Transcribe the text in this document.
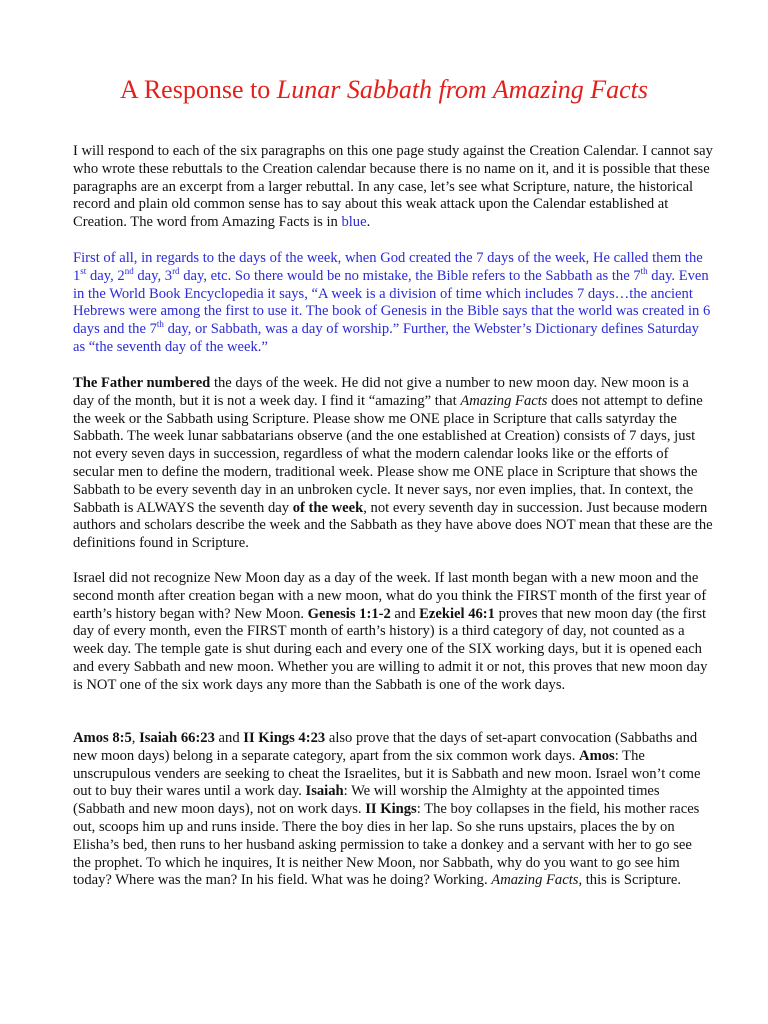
A Response to Lunar Sabbath from Amazing Facts

I will respond to each of the six paragraphs on this one page study against the Creation Calendar. I cannot say who wrote these rebuttals to the Creation calendar because there is no name on it, and it is possible that these paragraphs are an excerpt from a larger rebuttal. In any case, let’s see what Scripture, nature, the historical record and plain old common sense has to say about this weak attack upon the Calendar established at Creation. The word from Amazing Facts is in blue.

First of all, in regards to the days of the week, when God created the 7 days of the week, He called them the 1st day, 2nd day, 3rd day, etc. So there would be no mistake, the Bible refers to the Sabbath as the 7th day. Even in the World Book Encyclopedia it says, “A week is a division of time which includes 7 days…the ancient Hebrews were among the first to use it. The book of Genesis in the Bible says that the world was created in 6 days and the 7th day, or Sabbath, was a day of worship.” Further, the Webster’s Dictionary defines Saturday as “the seventh day of the week.”

The Father numbered the days of the week. He did not give a number to new moon day. New moon is a day of the month, but it is not a week day. I find it “amazing” that Amazing Facts does not attempt to define the week or the Sabbath using Scripture. Please show me ONE place in Scripture that calls satyrday the Sabbath. The week lunar sabbatarians observe (and the one established at Creation) consists of 7 days, just not every seven days in succession, regardless of what the modern calendar looks like or the efforts of secular men to define the modern, traditional week. Please show me ONE place in Scripture that shows the Sabbath to be every seventh day in an unbroken cycle. It never says, nor even implies, that. In context, the Sabbath is ALWAYS the seventh day of the week, not every seventh day in succession. Just because modern authors and scholars describe the week and the Sabbath as they have above does NOT mean that these are the definitions found in Scripture.

Israel did not recognize New Moon day as a day of the week. If last month began with a new moon and the second month after creation began with a new moon, what do you think the FIRST month of the first year of earth’s history began with? New Moon. Genesis 1:1-2 and Ezekiel 46:1 proves that new moon day (the first day of every month, even the FIRST month of earth’s history) is a third category of day, not counted as a week day. The temple gate is shut during each and every one of the SIX working days, but it is opened each and every Sabbath and new moon. Whether you are willing to admit it or not, this proves that new moon day is NOT one of the six work days any more than the Sabbath is one of the work days.

Amos 8:5, Isaiah 66:23 and II Kings 4:23 also prove that the days of set-apart convocation (Sabbaths and new moon days) belong in a separate category, apart from the six common work days. Amos: The unscrupulous venders are seeking to cheat the Israelites, but it is Sabbath and new moon. Israel won’t come out to buy their wares until a work day. Isaiah: We will worship the Almighty at the appointed times (Sabbath and new moon days), not on work days. II Kings: The boy collapses in the field, his mother races out, scoops him up and runs inside. There the boy dies in her lap. So she runs upstairs, places the by on Elisha’s bed, then runs to her husband asking permission to take a donkey and a servant with her to go see the prophet. To which he inquires, It is neither New Moon, nor Sabbath, why do you want to go see him today? Where was the man? In his field. What was he doing? Working. Amazing Facts, this is Scripture.
